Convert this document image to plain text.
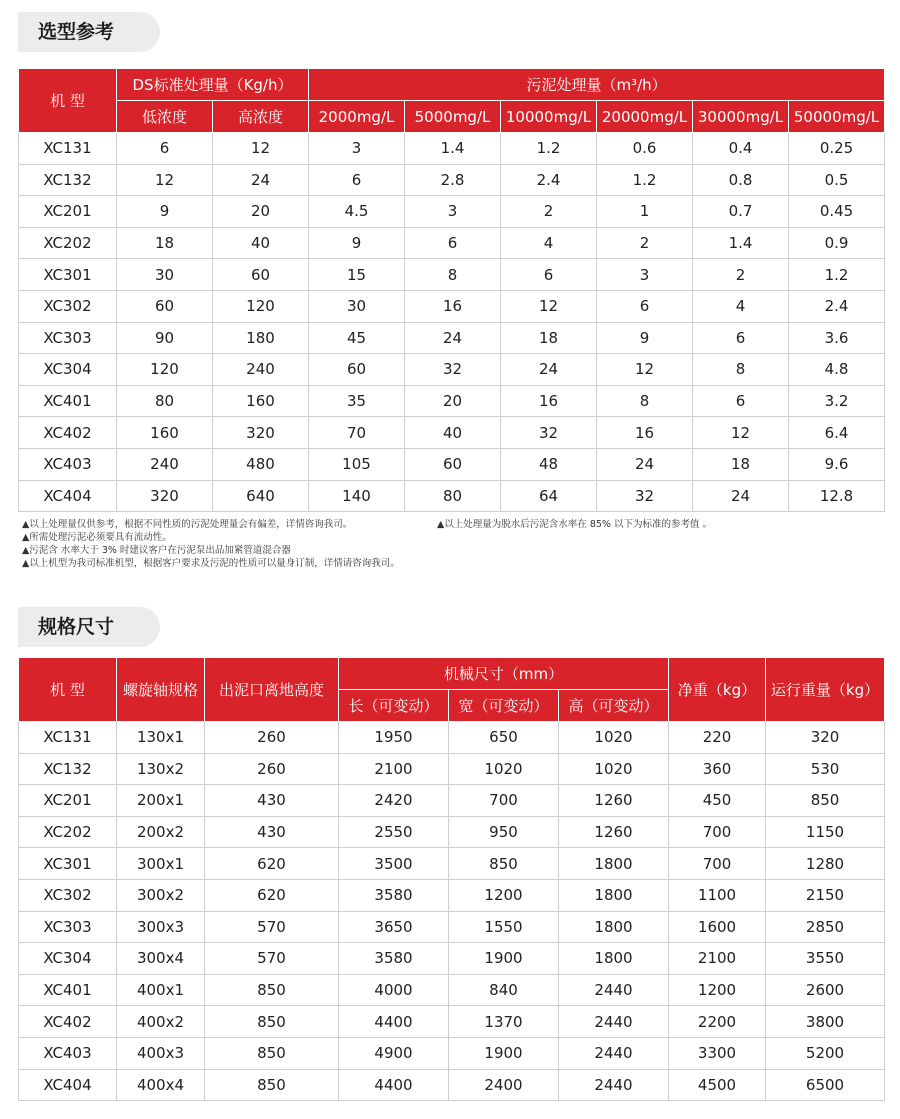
选型参考
机 型	DS标准处理量（Kg/h）		污泥处理量（m³/h）					
	低浓度	高浓度	2000mg/L	5000mg/L	10000mg/L	20000mg/L	30000mg/L	50000mg/L
XC131	6	12	3	1.4	1.2	0.6	0.4	0.25
XC132	12	24	6	2.8	2.4	1.2	0.8	0.5
XC201	9	20	4.5	3	2	1	0.7	0.45
XC202	18	40	9	6	4	2	1.4	0.9
XC301	30	60	15	8	6	3	2	1.2
XC302	60	120	30	16	12	6	4	2.4
XC303	90	180	45	24	18	9	6	3.6
XC304	120	240	60	32	24	12	8	4.8
XC401	80	160	35	20	16	8	6	3.2
XC402	160	320	70	40	32	16	12	6.4
XC403	240	480	105	60	48	24	18	9.6
XC404	320	640	140	80	64	32	24	12.8
▲以上处理量仅供参考，根据不同性质的污泥处理量会有偏差，详情咨询我司。	▲以上处理量为脱水后污泥含水率在 85% 以下为标准的参考值 。
▲所需处理污泥必须要具有流动性。
▲污泥含 水率大于 3% 时建议客户在污泥泵出品加紧管道混合器
▲以上机型为我司标准机型，根据客户要求及污泥的性质可以量身订制，详情请咨询我司。
规格尺寸
机 型	螺旋轴规格	出泥口离地高度	机械尺寸（mm）			净重（kg）	运行重量（kg）
			长（可变动）	宽（可变动）	高（可变动）		
XC131	130x1	260	1950	650	1020	220	320
XC132	130x2	260	2100	1020	1020	360	530
XC201	200x1	430	2420	700	1260	450	850
XC202	200x2	430	2550	950	1260	700	1150
XC301	300x1	620	3500	850	1800	700	1280
XC302	300x2	620	3580	1200	1800	1100	2150
XC303	300x3	570	3650	1550	1800	1600	2850
XC304	300x4	570	3580	1900	1800	2100	3550
XC401	400x1	850	4000	840	2440	1200	2600
XC402	400x2	850	4400	1370	2440	2200	3800
XC403	400x3	850	4900	1900	2440	3300	5200
XC404	400x4	850	4400	2400	2440	4500	6500
